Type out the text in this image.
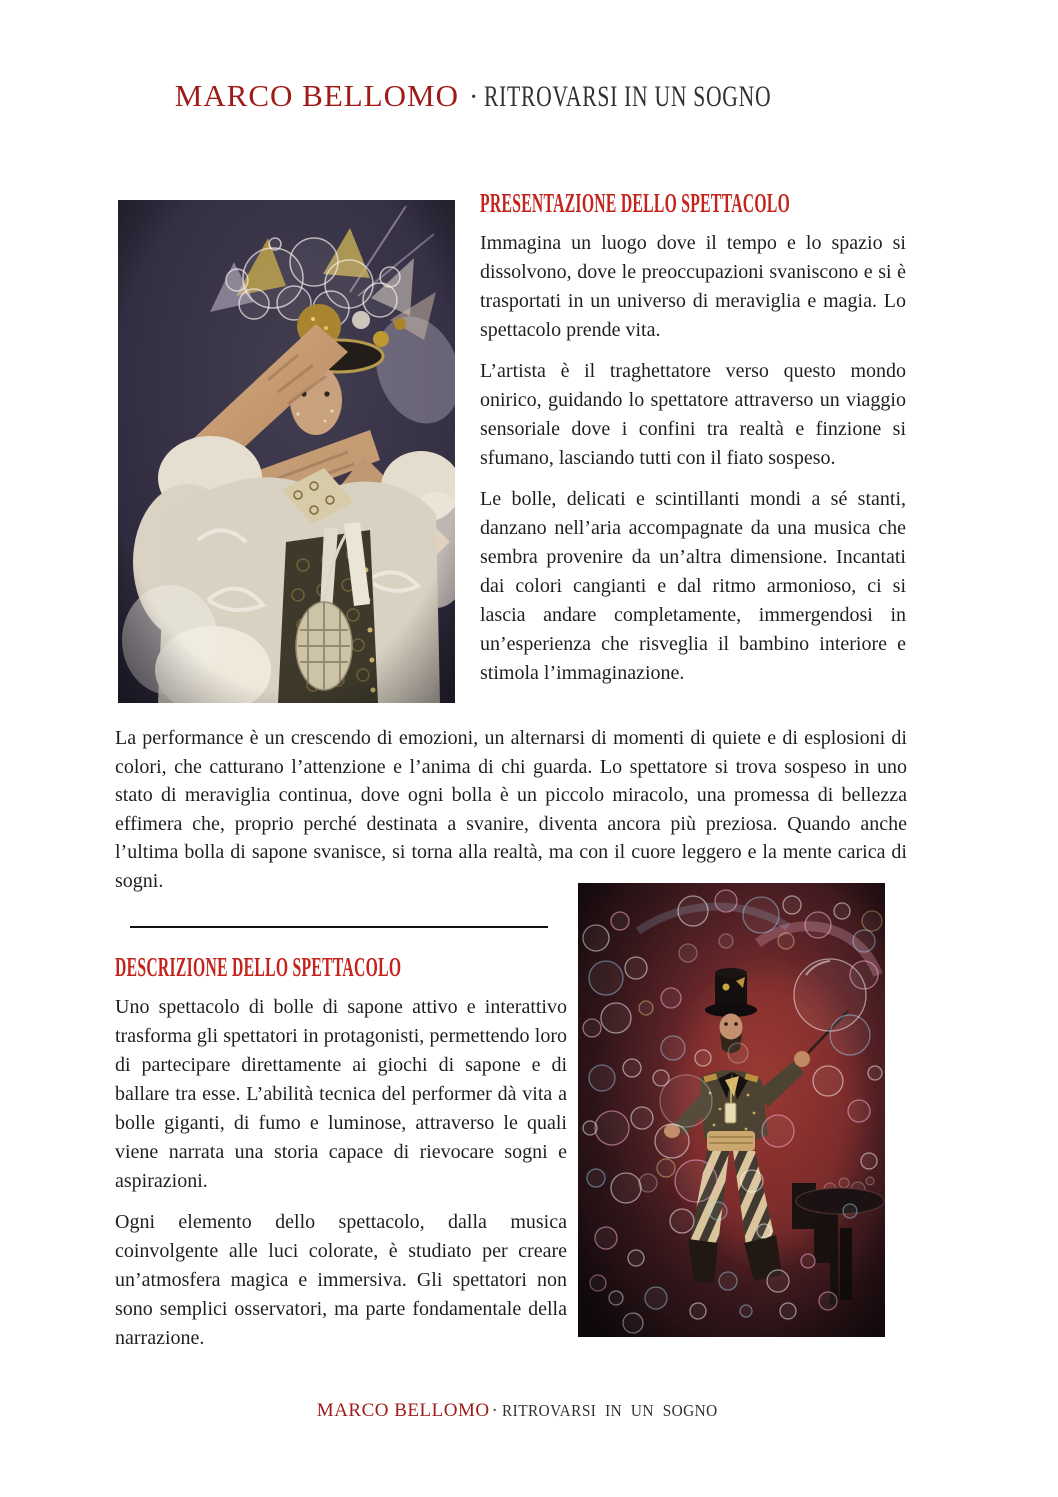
MARCO BELLOMO · RITROVARSI IN UN SOGNO
PRESENTAZIONE DELLO SPETTACOLO

Immagina un luogo dove il tempo e lo spazio si dissolvono, dove le preoccupazioni svaniscono e si è trasportati in un universo di meraviglia e magia. Lo spettacolo prende vita.

L’artista è il traghettatore verso questo mondo onirico, guidando lo spettatore attraverso un viaggio sensoriale dove i confini tra realtà e finzione si sfumano, lasciando tutti con il fiato sospeso.

Le bolle, delicati e scintillanti mondi a sé stanti, danzano nell’aria accompagnate da una musica che sembra provenire da un’altra dimensione. Incantati dai colori cangianti e dal ritmo armonioso, ci si lascia andare completamente, immergendosi in un’esperienza che risveglia il bambino interiore e stimola l’immaginazione.

La performance è un crescendo di emozioni, un alternarsi di momenti di quiete e di esplosioni di colori, che catturano l’attenzione e l’anima di chi guarda. Lo spettatore si trova sospeso in uno stato di meraviglia continua, dove ogni bolla è un piccolo miracolo, una promessa di bellezza effimera che, proprio perché destinata a svanire, diventa ancora più preziosa. Quando anche l’ultima bolla di sapone svanisce, si torna alla realtà, ma con il cuore leggero e la mente carica di sogni.

DESCRIZIONE DELLO SPETTACOLO

Uno spettacolo di bolle di sapone attivo e interattivo trasforma gli spettatori in protagonisti, permettendo loro di partecipare direttamente ai giochi di sapone e di ballare tra esse. L’abilità tecnica del performer dà vita a bolle giganti, di fumo e luminose, attraverso le quali viene narrata una storia capace di rievocare sogni e aspirazioni.

Ogni elemento dello spettacolo, dalla musica coinvolgente alle luci colorate, è studiato per creare un’atmosfera magica e immersiva. Gli spettatori non sono semplici osservatori, ma parte fondamentale della narrazione.

MARCO BELLOMO · RITROVARSI IN UN SOGNO
